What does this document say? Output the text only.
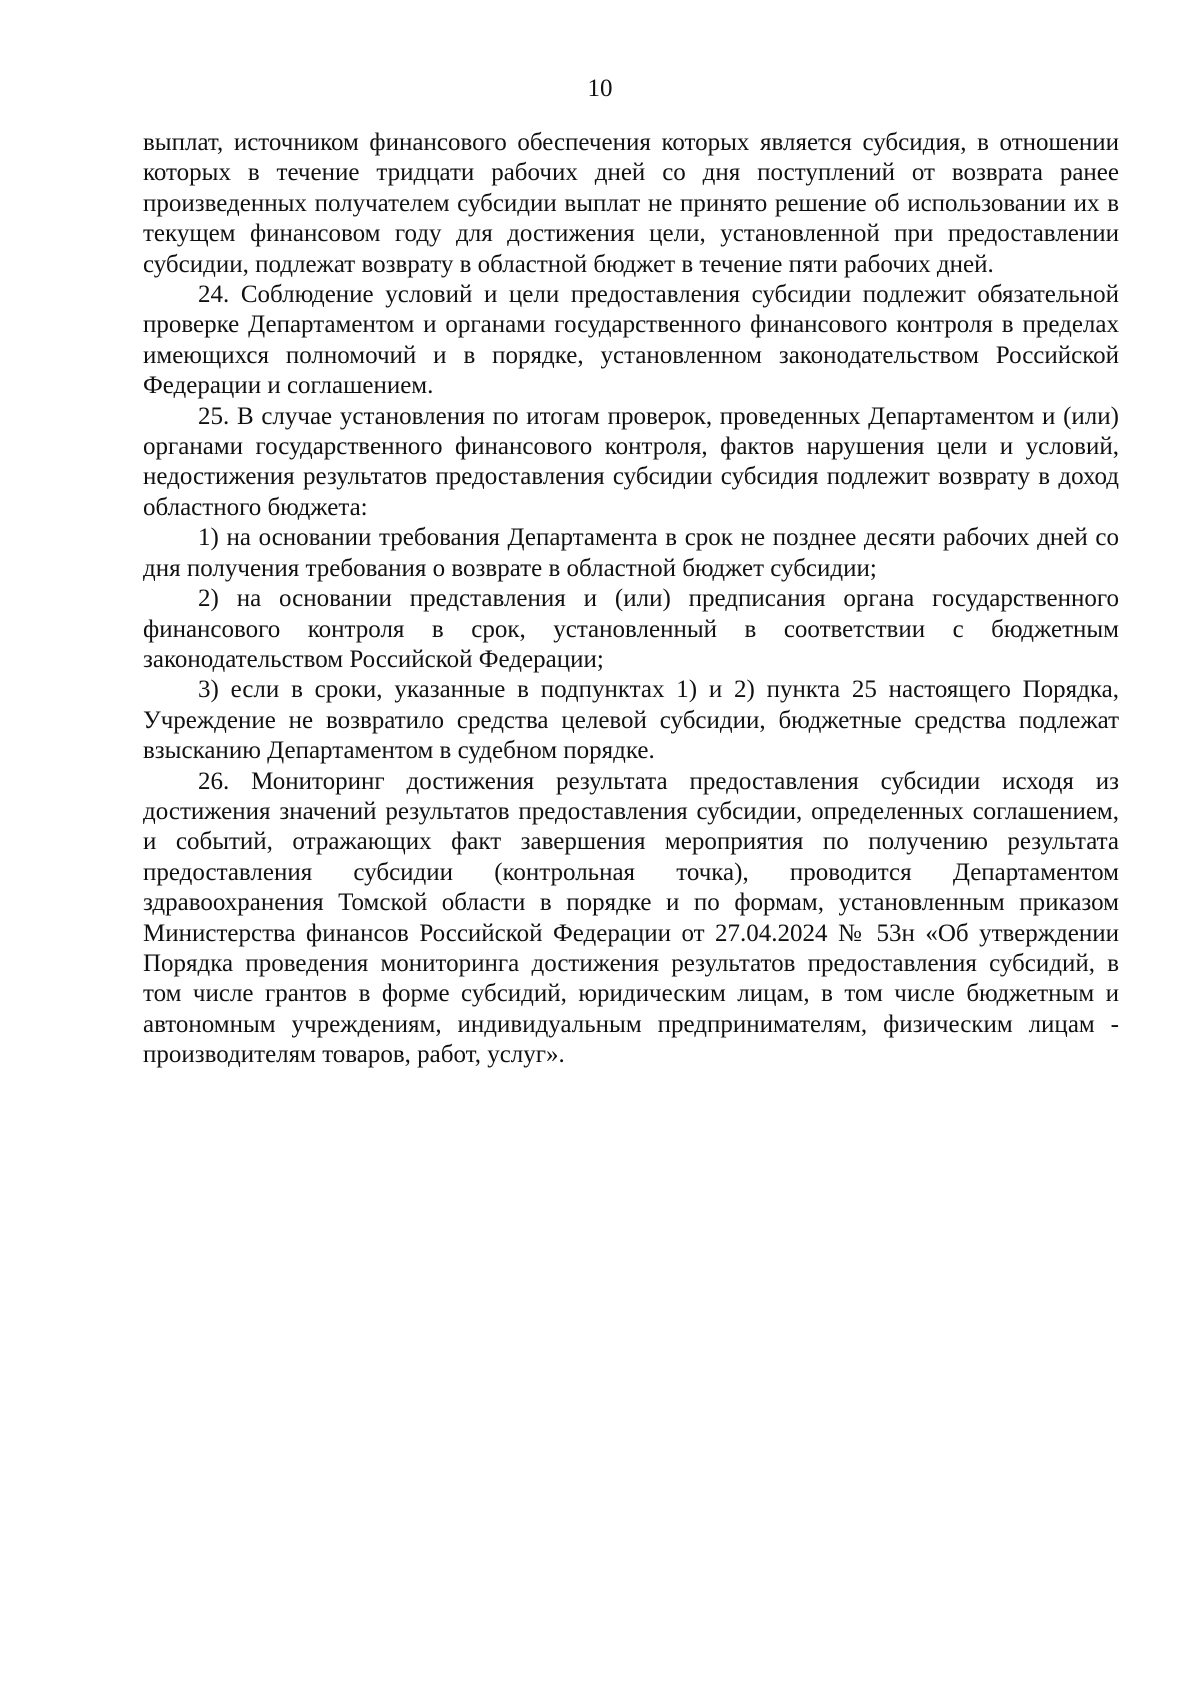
10

выплат, источником финансового обеспечения которых является субсидия, в отношении которых в течение тридцати рабочих дней со дня поступлений от возврата ранее произведенных получателем субсидии выплат не принято решение об использовании их в текущем финансовом году для достижения цели, установленной при предоставлении субсидии, подлежат возврату в областной бюджет в течение пяти рабочих дней.

24. Соблюдение условий и цели предоставления субсидии подлежит обязательной проверке Департаментом и органами государственного финансового контроля в пределах имеющихся полномочий и в порядке, установленном законодательством Российской Федерации и соглашением.

25. В случае установления по итогам проверок, проведенных Департаментом и (или) органами государственного финансового контроля, фактов нарушения цели и условий, недостижения результатов предоставления субсидии субсидия подлежит возврату в доход областного бюджета:

1) на основании требования Департамента в срок не позднее десяти рабочих дней со дня получения требования о возврате в областной бюджет субсидии;

2) на основании представления и (или) предписания органа государственного финансового контроля в срок, установленный в соответствии с бюджетным законодательством Российской Федерации;

3) если в сроки, указанные в подпунктах 1) и 2) пункта 25 настоящего Порядка, Учреждение не возвратило средства целевой субсидии, бюджетные средства подлежат взысканию Департаментом в судебном порядке.

26. Мониторинг достижения результата предоставления субсидии исходя из достижения значений результатов предоставления субсидии, определенных соглашением, и событий, отражающих факт завершения мероприятия по получению результата предоставления субсидии (контрольная точка), проводится Департаментом здравоохранения Томской области в порядке и по формам, установленным приказом Министерства финансов Российской Федерации от 27.04.2024 № 53н «Об утверждении Порядка проведения мониторинга достижения результатов предоставления субсидий, в том числе грантов в форме субсидий, юридическим лицам, в том числе бюджетным и автономным учреждениям, индивидуальным предпринимателям, физическим лицам - производителям товаров, работ, услуг».
